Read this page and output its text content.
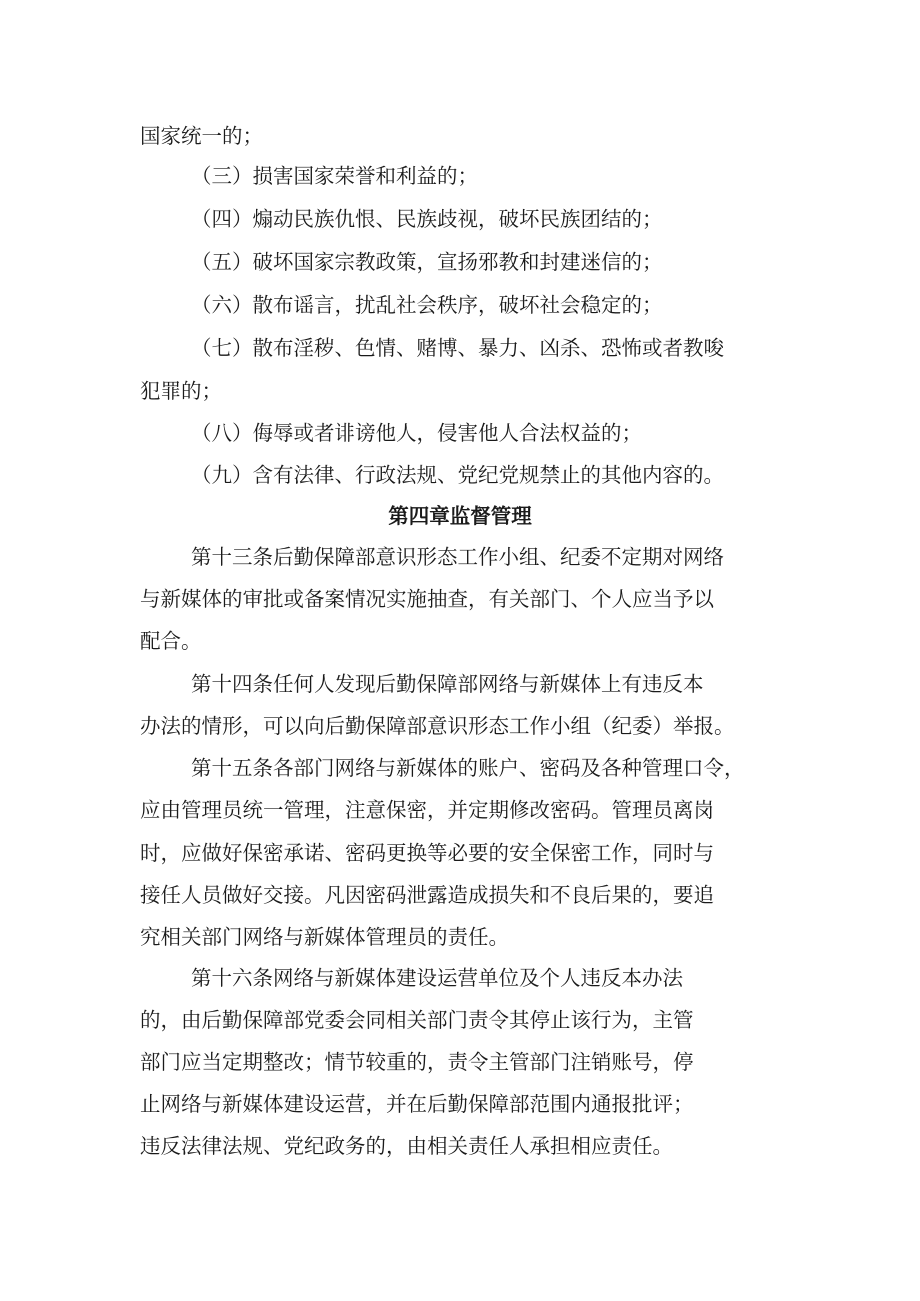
国家统一的；

（三）损害国家荣誉和利益的；

（四）煽动民族仇恨、民族歧视，破坏民族团结的；

（五）破坏国家宗教政策，宣扬邪教和封建迷信的；

（六）散布谣言，扰乱社会秩序，破坏社会稳定的；

（七）散布淫秽、色情、赌博、暴力、凶杀、恐怖或者教唆

犯罪的；

（八）侮辱或者诽谤他人，侵害他人合法权益的；

（九）含有法律、行政法规、党纪党规禁止的其他内容的。

第四章监督管理

第十三条后勤保障部意识形态工作小组、纪委不定期对网络

与新媒体的审批或备案情况实施抽查，有关部门、个人应当予以

配合。

第十四条任何人发现后勤保障部网络与新媒体上有违反本

办法的情形，可以向后勤保障部意识形态工作小组（纪委）举报。

第十五条各部门网络与新媒体的账户、密码及各种管理口令，

应由管理员统一管理，注意保密，并定期修改密码。管理员离岗

时，应做好保密承诺、密码更换等必要的安全保密工作，同时与

接任人员做好交接。凡因密码泄露造成损失和不良后果的，要追

究相关部门网络与新媒体管理员的责任。

第十六条网络与新媒体建设运营单位及个人违反本办法

的，由后勤保障部党委会同相关部门责令其停止该行为，主管

部门应当定期整改；情节较重的，责令主管部门注销账号，停

止网络与新媒体建设运营，并在后勤保障部范围内通报批评；

违反法律法规、党纪政务的，由相关责任人承担相应责任。
